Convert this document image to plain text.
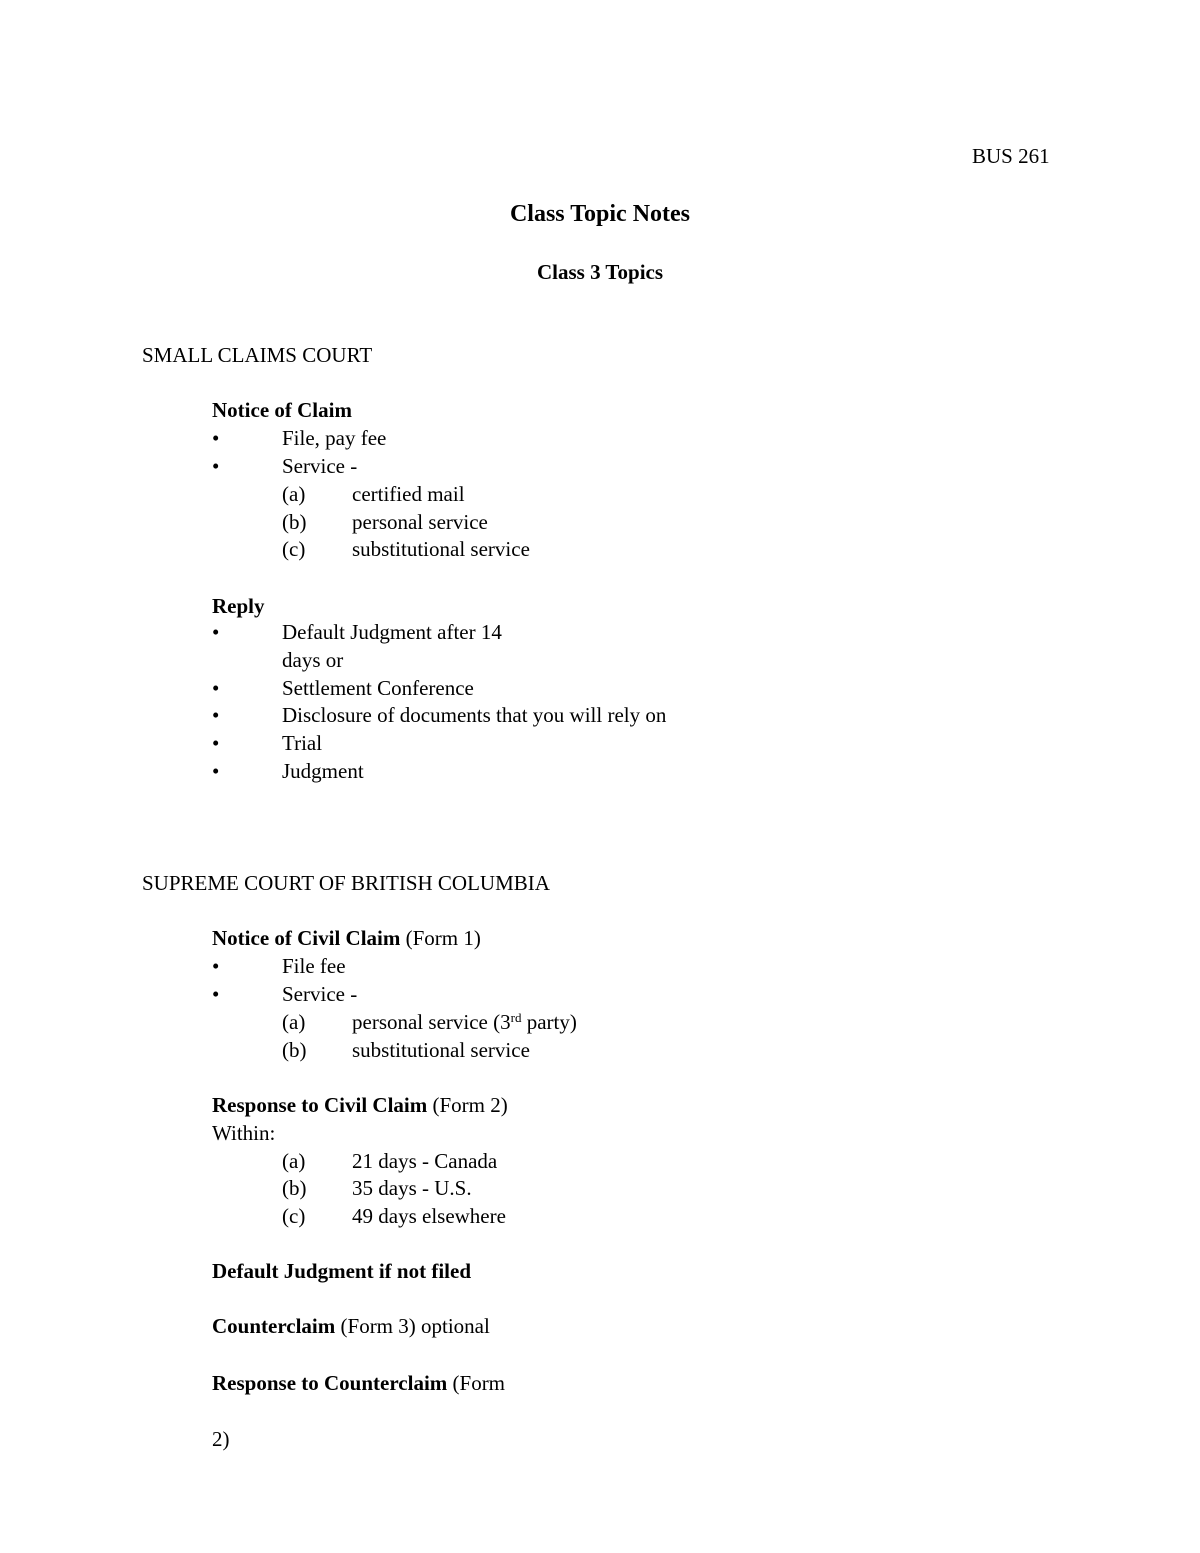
BUS 261
Class Topic Notes
Class 3 Topics
SMALL CLAIMS COURT
Notice of Claim
•	File, pay fee
•	Service -
(a) certified mail
(b) personal service
(c) substitutional service
Reply
•	Default Judgment after 14
days or
•	Settlement Conference
•	Disclosure of documents that you will rely on
•	Trial
•	Judgment
SUPREME COURT OF BRITISH COLUMBIA
Notice of Civil Claim (Form 1)
•	File fee
•	Service -
(a) personal service (3rd party)
(b) substitutional service
Response to Civil Claim (Form 2)
Within:
(a) 21 days - Canada
(b) 35 days - U.S.
(c) 49 days elsewhere
Default Judgment if not filed
Counterclaim (Form 3) optional
Response to Counterclaim (Form
2)
